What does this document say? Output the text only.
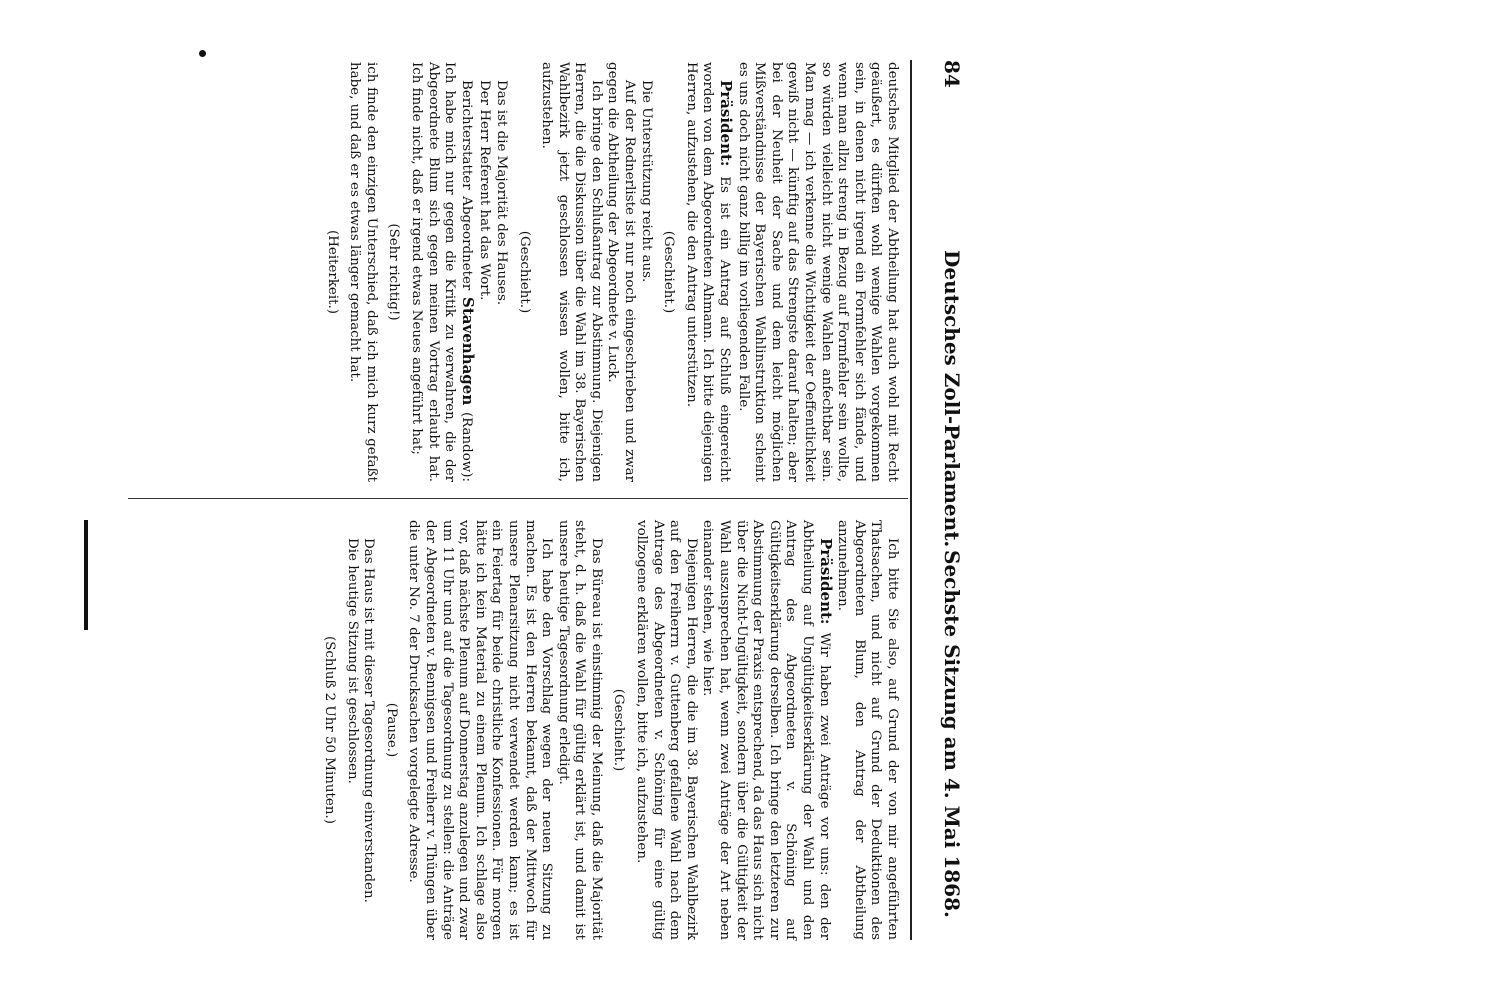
84
Deutsches Zoll-Parlament.
Sechste Sitzung am 4. Mai 1868.

deutsches Mitglied der Abtheilung hat auch wohl mit Recht geäußert, es dürften wohl wenige Wahlen vorgekommen sein, in denen nicht irgend ein Formfehler sich fände, und wenn man allzu streng in Bezug auf Formfehler sein wollte, so würden vielleicht nicht wenige Wahlen anfechtbar sein. Man mag — ich verkenne die Wichtigkeit der Oeffentlichkeit gewiß nicht — künftig auf das Strengste darauf halten; aber bei der Neuheit der Sache und dem leicht möglichen Mißverständnisse der Bayerischen Wahlinstruktion scheint es uns doch nicht ganz billig im vorliegenden Falle.

Präsident: Es ist ein Antrag auf Schluß eingereicht worden von dem Abgeordneten Ahmann. Ich bitte diejenigen Herren, aufzustehen, die den Antrag unterstützen.

(Geschieht.)

Die Unterstützung reicht aus.

Auf der Rednerliste ist nur noch eingeschrieben und zwar gegen die Abtheilung der Abgeordnete v. Luck.

Ich bringe den Schlußantrag zur Abstimmung. Diejenigen Herren, die die Diskussion über die Wahl im 38. Bayerischen Wahlbezirk jetzt geschlossen wissen wollen, bitte ich, aufzustehen.

(Geschieht.)

Das ist die Majorität des Hauses.

Der Herr Referent hat das Wort.

Berichterstatter Abgeordneter Stavenhagen (Randow): Ich habe mich nur gegen die Kritik zu verwahren, die der Abgeordnete Blum sich gegen meinen Vortrag erlaubt hat. Ich finde nicht, daß er irgend etwas Neues angeführt hat;

(Sehr richtig!)

ich finde den einzigen Unterschied, daß ich mich kurz gefaßt habe, und daß er es etwas länger gemacht hat.

(Heiterkeit.)

Ich bitte Sie also, auf Grund der von mir angeführten Thatsachen, und nicht auf Grund der Deduktionen des Abgeordneten Blum, den Antrag der Abtheilung anzunehmen.

Präsident: Wir haben zwei Anträge vor uns: den der Abtheilung auf Ungültigkeitserklärung der Wahl und den Antrag des Abgeordneten v. Schöning auf Gültigkeitserklärung derselben. Ich bringe den letzteren zur Abstimmung der Praxis entsprechend, da das Haus sich nicht über die Nicht-Ungültigkeit, sondern über die Gültigkeit der Wahl auszusprechen hat, wenn zwei Anträge der Art neben einander stehen, wie hier.

Diejenigen Herren, die die im 38. Bayerischen Wahlbezirk auf den Freiherrn v. Guttenberg gefallene Wahl nach dem Antrage des Abgeordneten v. Schöning für eine gültig vollzogene erklären wollen, bitte ich, aufzustehen.

(Geschieht.)

Das Büreau ist einstimmig der Meinung, daß die Majorität steht, d. h. daß die Wahl für gültig erklärt ist, und damit ist unsere heutige Tagesordnung erledigt.

Ich habe den Vorschlag wegen der neuen Sitzung zu machen. Es ist den Herren bekannt, daß der Mittwoch für unsere Plenarsitzung nicht verwendet werden kann; es ist ein Feiertag für beide christliche Konfessionen. Für morgen hätte ich kein Material zu einem Plenum. Ich schlage also vor, daß nächste Plenum auf Donnerstag anzulegen und zwar um 11 Uhr und auf die Tagesordnung zu stellen: die Anträge der Abgeordneten v. Bennigsen und Freiherr v. Thüngen über die unter No. 7 der Drucksachen vorgelegte Adresse.

(Pause.)

Das Haus ist mit dieser Tagesordnung einverstanden.

Die heutige Sitzung ist geschlossen.

(Schluß 2 Uhr 50 Minuten.)
